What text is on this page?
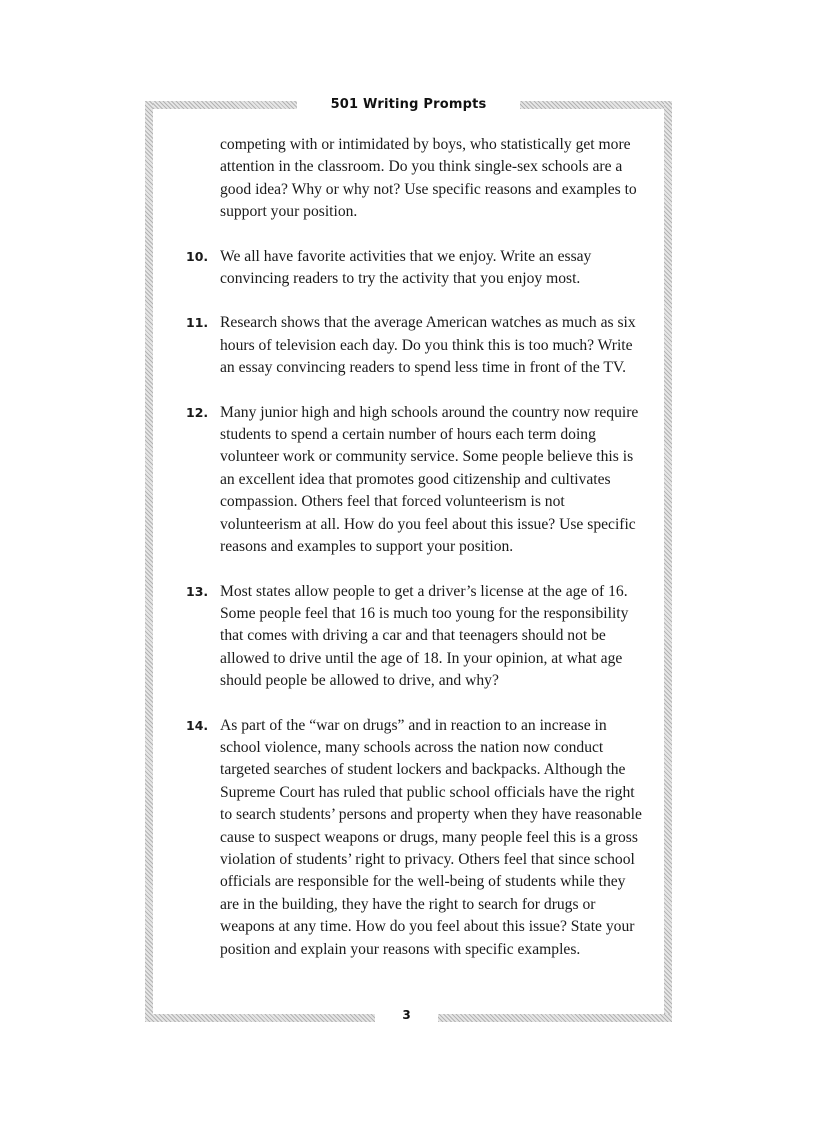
501 Writing Prompts
competing with or intimidated by boys, who statistically get more attention in the classroom. Do you think single-sex schools are a good idea? Why or why not? Use specific reasons and examples to support your position.
10. We all have favorite activities that we enjoy. Write an essay convincing readers to try the activity that you enjoy most.
11. Research shows that the average American watches as much as six hours of television each day. Do you think this is too much? Write an essay convincing readers to spend less time in front of the TV.
12. Many junior high and high schools around the country now require students to spend a certain number of hours each term doing volunteer work or community service. Some people believe this is an excellent idea that promotes good citizenship and cultivates compassion. Others feel that forced volunteerism is not volunteerism at all. How do you feel about this issue? Use specific reasons and examples to support your position.
13. Most states allow people to get a driver’s license at the age of 16. Some people feel that 16 is much too young for the responsibility that comes with driving a car and that teenagers should not be allowed to drive until the age of 18. In your opinion, at what age should people be allowed to drive, and why?
14. As part of the “war on drugs” and in reaction to an increase in school violence, many schools across the nation now conduct targeted searches of student lockers and backpacks. Although the Supreme Court has ruled that public school officials have the right to search students’ persons and property when they have reasonable cause to suspect weapons or drugs, many people feel this is a gross violation of students’ right to privacy. Others feel that since school officials are responsible for the well-being of students while they are in the building, they have the right to search for drugs or weapons at any time. How do you feel about this issue? State your position and explain your reasons with specific examples.
3
